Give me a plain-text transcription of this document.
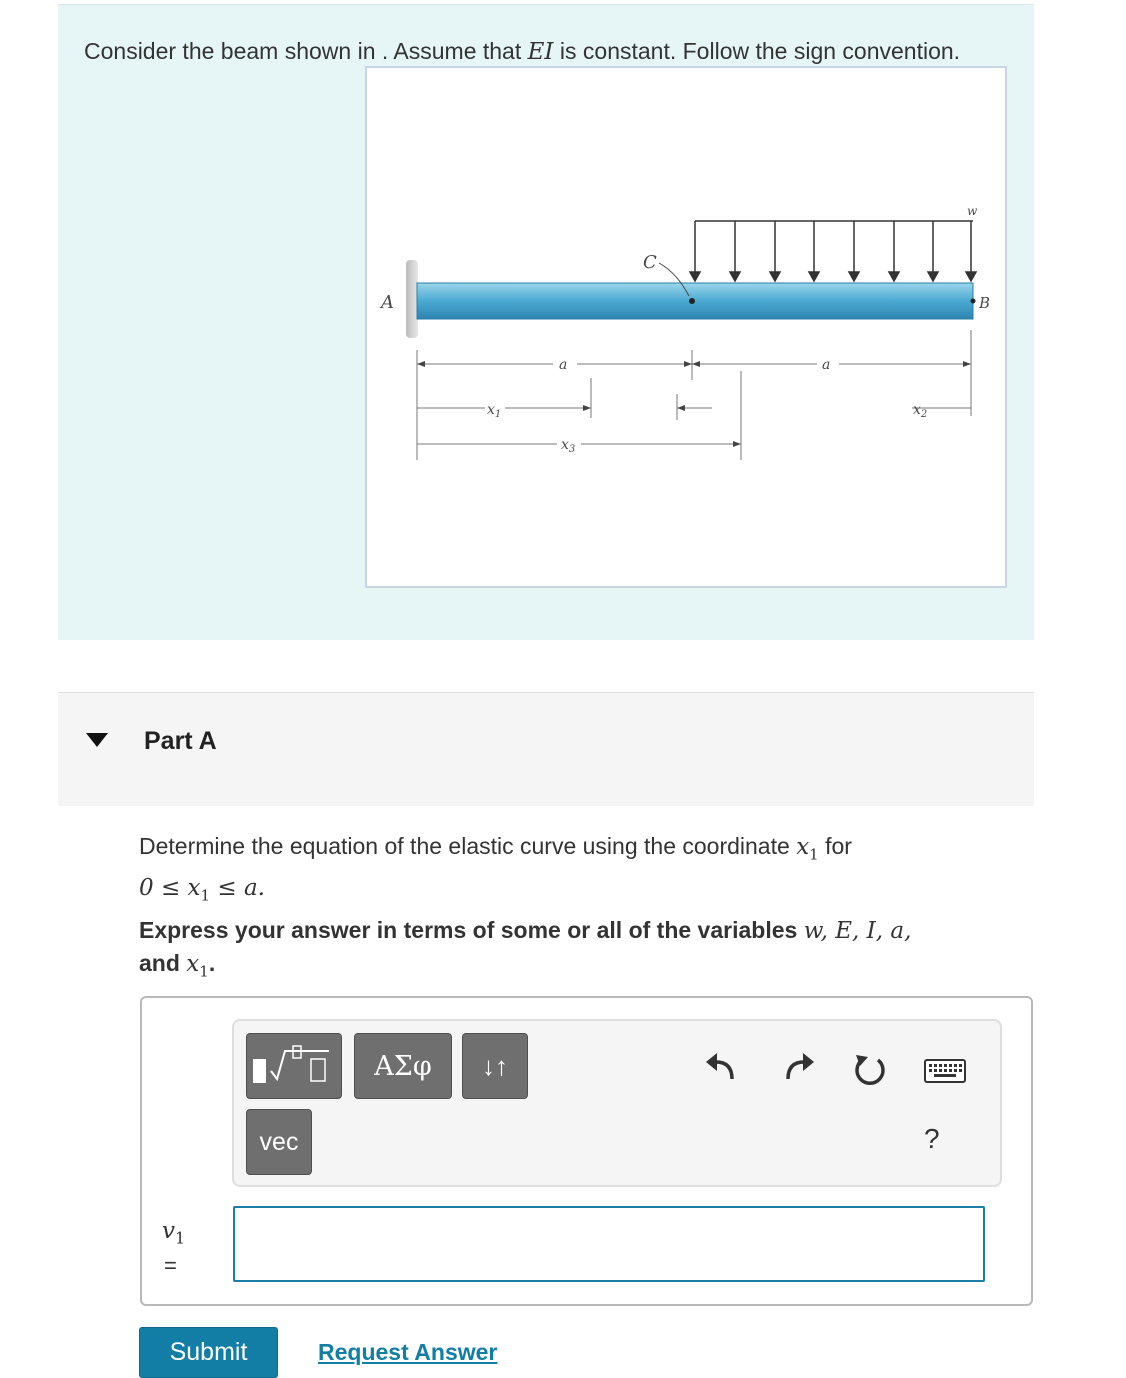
Consider the beam shown in . Assume that EI is constant. Follow the sign convention.
A
C
B
w
a	a
$x_1$	$x_2$
$x_3$
Part A
Determine the equation of the elastic curve using the coordinate $x_1$ for
$0 \le x_1 \le a$.
Express your answer in terms of some or all of the variables w, E, I, a,
and $x_1$.
ΑΣφ	↓↑
vec	?
$v_1$
=
Submit	Request Answer
